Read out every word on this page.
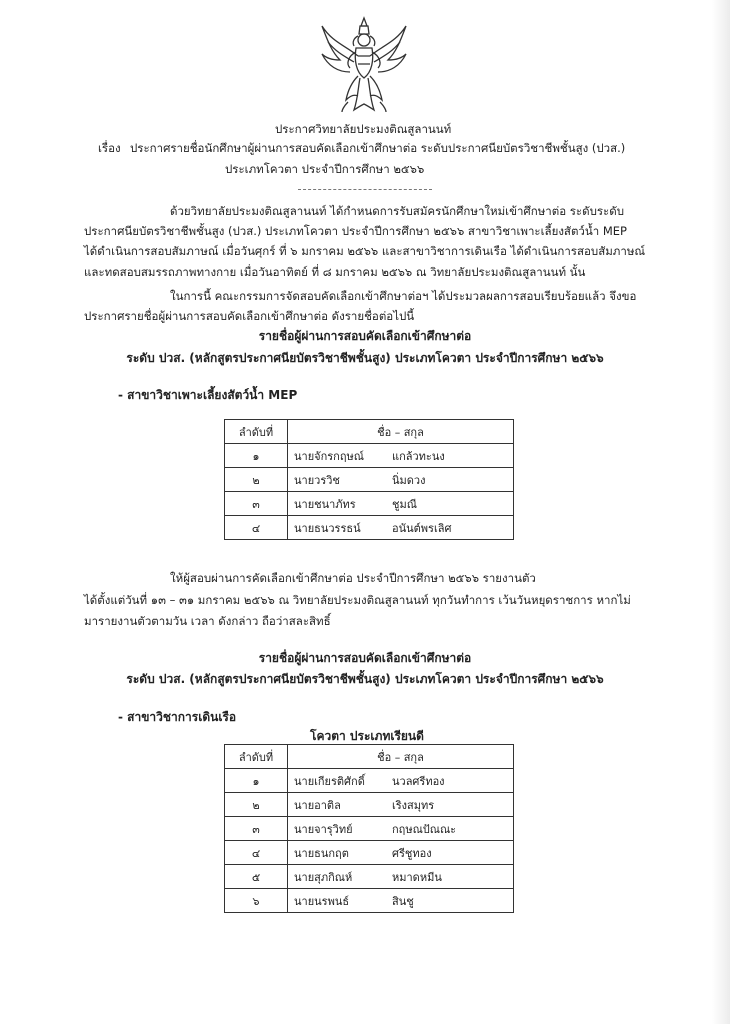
ประกาศวิทยาลัยประมงติณสูลานนท์
เรื่อง ประกาศรายชื่อนักศึกษาผู้ผ่านการสอบคัดเลือกเข้าศึกษาต่อ ระดับประกาศนียบัตรวิชาชีพชั้นสูง (ปวส.)
ประเภทโควตา ประจำปีการศึกษา ๒๕๖๖
ด้วยวิทยาลัยประมงติณสูลานนท์ ได้กำหนดการรับสมัครนักศึกษาใหม่เข้าศึกษาต่อ ระดับระดับ
ประกาศนียบัตรวิชาชีพชั้นสูง (ปวส.) ประเภทโควตา ประจำปีการศึกษา ๒๕๖๖ สาขาวิชาเพาะเลี้ยงสัตว์น้ำ MEP
ได้ดำเนินการสอบสัมภาษณ์ เมื่อวันศุกร์ ที่ ๖ มกราคม ๒๕๖๖ และสาขาวิชาการเดินเรือ ได้ดำเนินการสอบสัมภาษณ์
และทดสอบสมรรถภาพทางกาย เมื่อวันอาทิตย์ ที่ ๘ มกราคม ๒๕๖๖ ณ วิทยาลัยประมงติณสูลานนท์ นั้น
ในการนี้ คณะกรรมการจัดสอบคัดเลือกเข้าศึกษาต่อฯ ได้ประมวลผลการสอบเรียบร้อยแล้ว จึงขอ
ประกาศรายชื่อผู้ผ่านการสอบคัดเลือกเข้าศึกษาต่อ ดังรายชื่อต่อไปนี้
รายชื่อผู้ผ่านการสอบคัดเลือกเข้าศึกษาต่อ
ระดับ ปวส. (หลักสูตรประกาศนียบัตรวิชาชีพชั้นสูง) ประเภทโควตา ประจำปีการศึกษา ๒๕๖๖
- สาขาวิชาเพาะเลี้ยงสัตว์น้ำ MEP
ลำดับที่	ชื่อ – สกุล
๑	นายจักรกฤษณ์ แกล้วทะนง
๒	นายวรวิช นิ่มดวง
๓	นายชนาภัทร ชูมณี
๔	นายธนวรรธน์ อนันต์พรเลิศ
ให้ผู้สอบผ่านการคัดเลือกเข้าศึกษาต่อ ประจำปีการศึกษา ๒๕๖๖ รายงานตัว
ได้ตั้งแต่วันที่ ๑๓ – ๓๑ มกราคม ๒๕๖๖ ณ วิทยาลัยประมงติณสูลานนท์ ทุกวันทำการ เว้นวันหยุดราชการ หากไม่
มารายงานตัวตามวัน เวลา ดังกล่าว ถือว่าสละสิทธิ์
รายชื่อผู้ผ่านการสอบคัดเลือกเข้าศึกษาต่อ
ระดับ ปวส. (หลักสูตรประกาศนียบัตรวิชาชีพชั้นสูง) ประเภทโควตา ประจำปีการศึกษา ๒๕๖๖
- สาขาวิชาการเดินเรือ
โควตา ประเภทเรียนดี
ลำดับที่	ชื่อ – สกุล
๑	นายเกียรติศักดิ์ นวลศรีทอง
๒	นายอาติล เริงสมุทร
๓	นายจารุวิทย์ กฤษณปัณณะ
๔	นายธนกฤต ศรีชูทอง
๕	นายสุภกิณห์ หมาดหมีน
๖	นายนรพนธ์ สินชู
